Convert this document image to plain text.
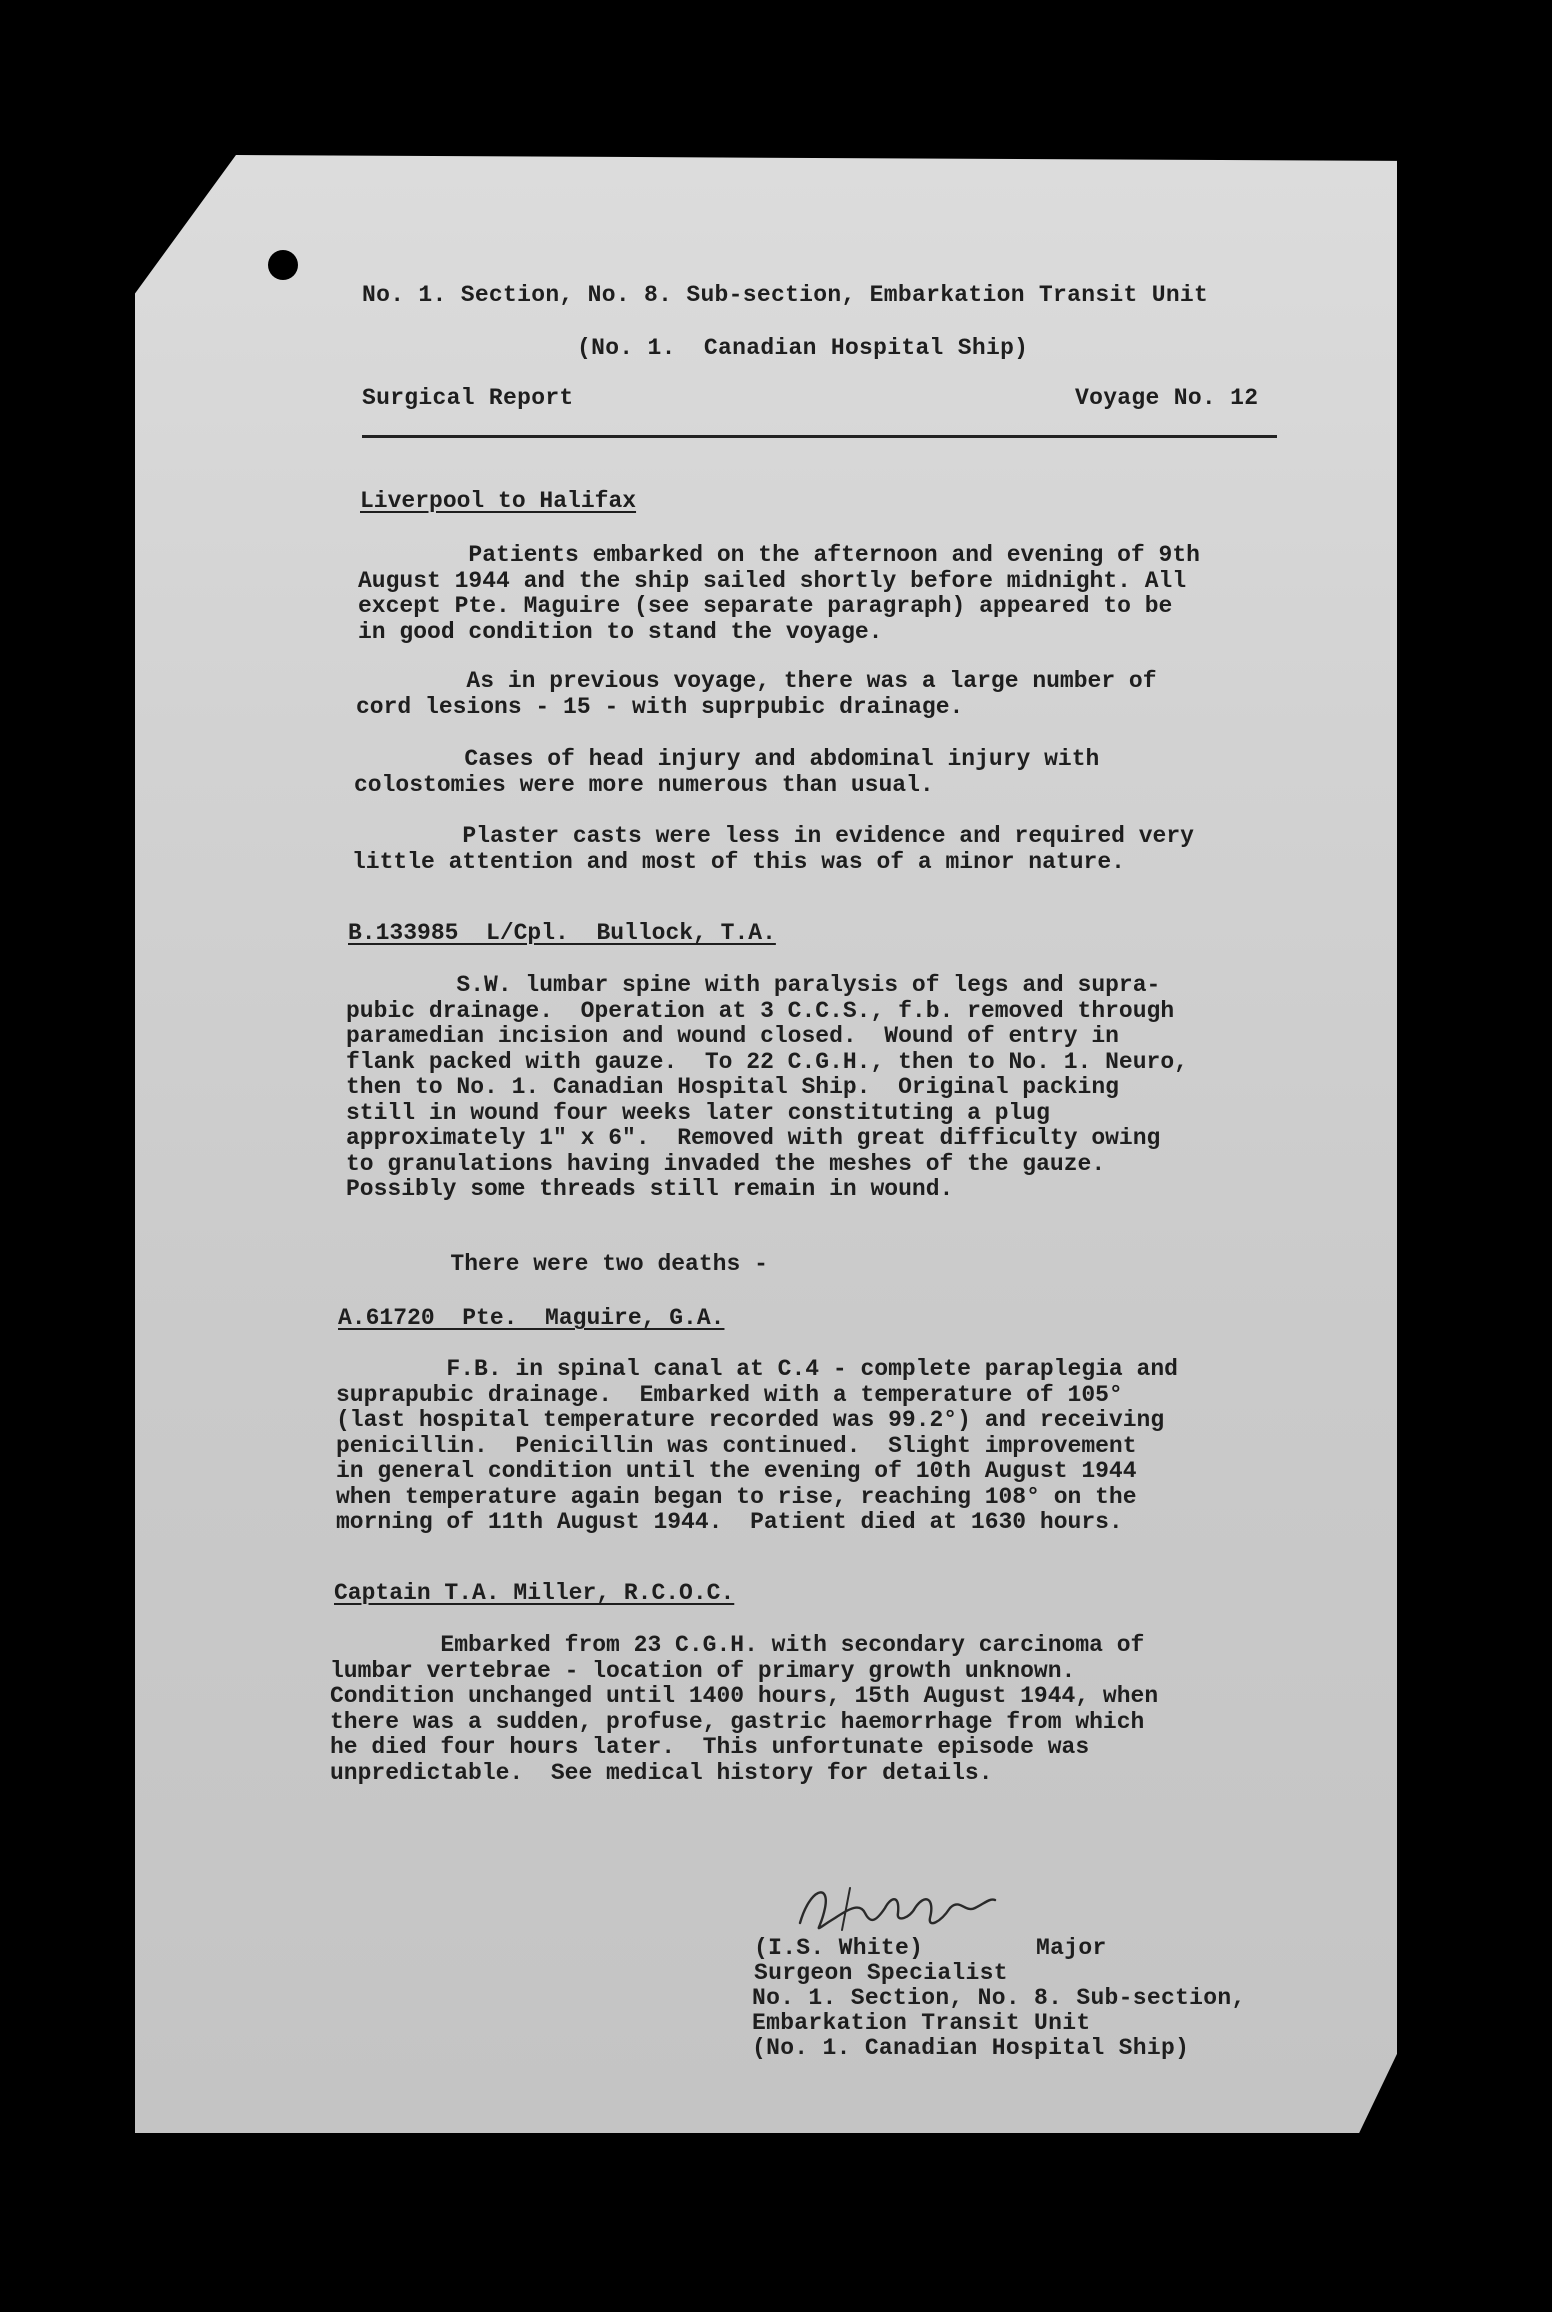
No. 1. Section, No. 8. Sub-section, Embarkation Transit Unit
(No. 1.  Canadian Hospital Ship)
Surgical Report	Voyage No. 12
Liverpool to Halifax
Patients embarked on the afternoon and evening of 9th
August 1944 and the ship sailed shortly before midnight. All
except Pte. Maguire (see separate paragraph) appeared to be
in good condition to stand the voyage.
As in previous voyage, there was a large number of
cord lesions - 15 - with suprpubic drainage.
Cases of head injury and abdominal injury with
colostomies were more numerous than usual.
Plaster casts were less in evidence and required very
little attention and most of this was of a minor nature.
B.133985  L/Cpl.  Bullock, T.A.
S.W. lumbar spine with paralysis of legs and supra-
pubic drainage.  Operation at 3 C.C.S., f.b. removed through
paramedian incision and wound closed.  Wound of entry in
flank packed with gauze.  To 22 C.G.H., then to No. 1. Neuro,
then to No. 1. Canadian Hospital Ship.  Original packing
still in wound four weeks later constituting a plug
approximately 1" x 6".  Removed with great difficulty owing
to granulations having invaded the meshes of the gauze.
Possibly some threads still remain in wound.
There were two deaths -
A.61720  Pte.  Maguire, G.A.
F.B. in spinal canal at C.4 - complete paraplegia and
suprapubic drainage.  Embarked with a temperature of 105°
(last hospital temperature recorded was 99.2°) and receiving
penicillin.  Penicillin was continued.  Slight improvement
in general condition until the evening of 10th August 1944
when temperature again began to rise, reaching 108° on the
morning of 11th August 1944.  Patient died at 1630 hours.
Captain T.A. Miller, R.C.O.C.
Embarked from 23 C.G.H. with secondary carcinoma of
lumbar vertebrae - location of primary growth unknown.
Condition unchanged until 1400 hours, 15th August 1944, when
there was a sudden, profuse, gastric haemorrhage from which
he died four hours later.  This unfortunate episode was
unpredictable.  See medical history for details.
(I.S. White)        Major
Surgeon Specialist
No. 1. Section, No. 8. Sub-section,
Embarkation Transit Unit
(No. 1. Canadian Hospital Ship)
